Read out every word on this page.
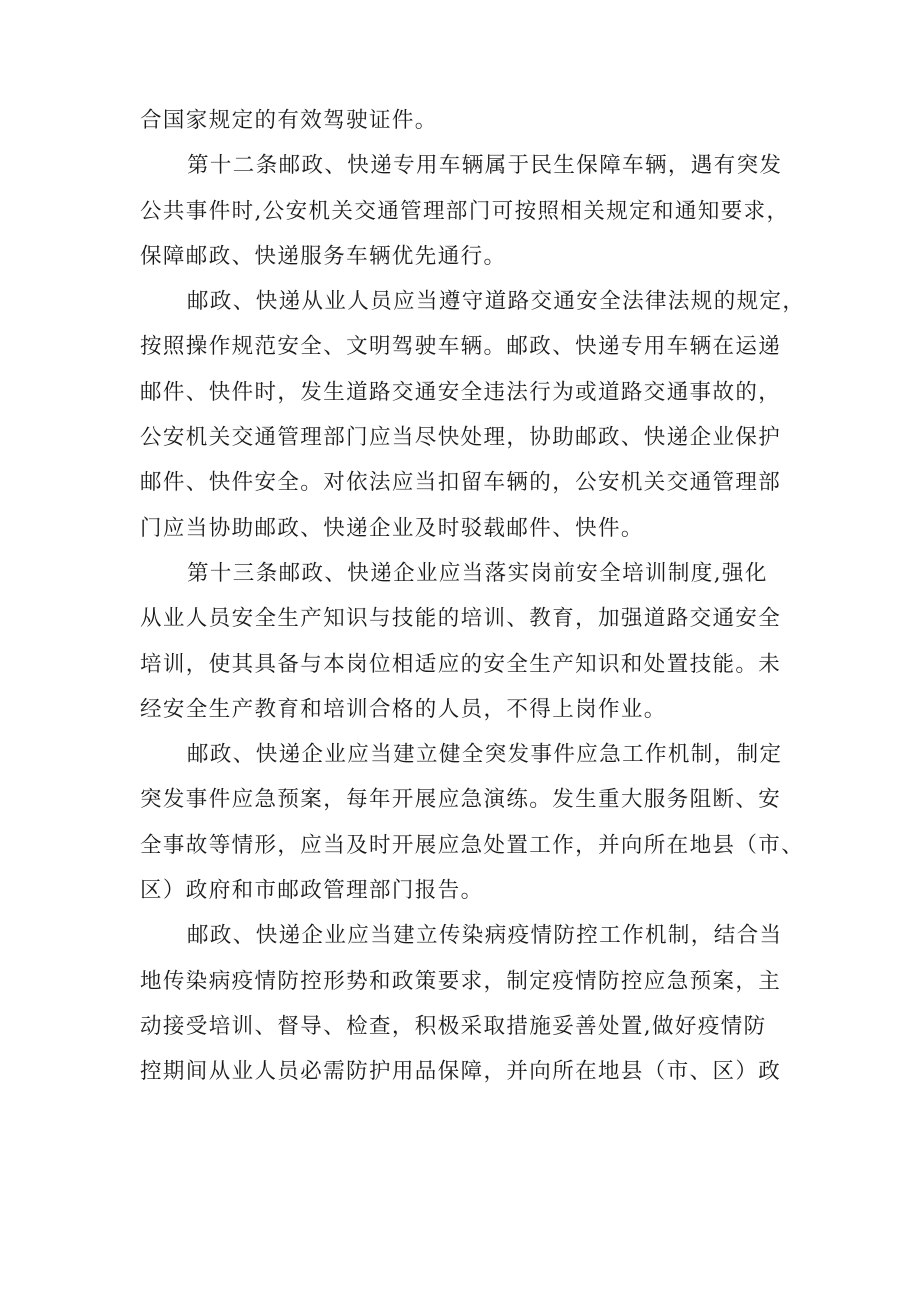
合国家规定的有效驾驶证件。
第十二条邮政、快递专用车辆属于民生保障车辆，遇有突发
公共事件时,公安机关交通管理部门可按照相关规定和通知要求，
保障邮政、快递服务车辆优先通行。
邮政、快递从业人员应当遵守道路交通安全法律法规的规定，
按照操作规范安全、文明驾驶车辆。邮政、快递专用车辆在运递
邮件、快件时，发生道路交通安全违法行为或道路交通事故的，
公安机关交通管理部门应当尽快处理，协助邮政、快递企业保护
邮件、快件安全。对依法应当扣留车辆的，公安机关交通管理部
门应当协助邮政、快递企业及时驳载邮件、快件。
第十三条邮政、快递企业应当落实岗前安全培训制度,强化
从业人员安全生产知识与技能的培训、教育，加强道路交通安全
培训，使其具备与本岗位相适应的安全生产知识和处置技能。未
经安全生产教育和培训合格的人员，不得上岗作业。
邮政、快递企业应当建立健全突发事件应急工作机制，制定
突发事件应急预案，每年开展应急演练。发生重大服务阻断、安
全事故等情形，应当及时开展应急处置工作，并向所在地县（市、
区）政府和市邮政管理部门报告。
邮政、快递企业应当建立传染病疫情防控工作机制，结合当
地传染病疫情防控形势和政策要求，制定疫情防控应急预案，主
动接受培训、督导、检查，积极采取措施妥善处置,做好疫情防
控期间从业人员必需防护用品保障，并向所在地县（市、区）政
